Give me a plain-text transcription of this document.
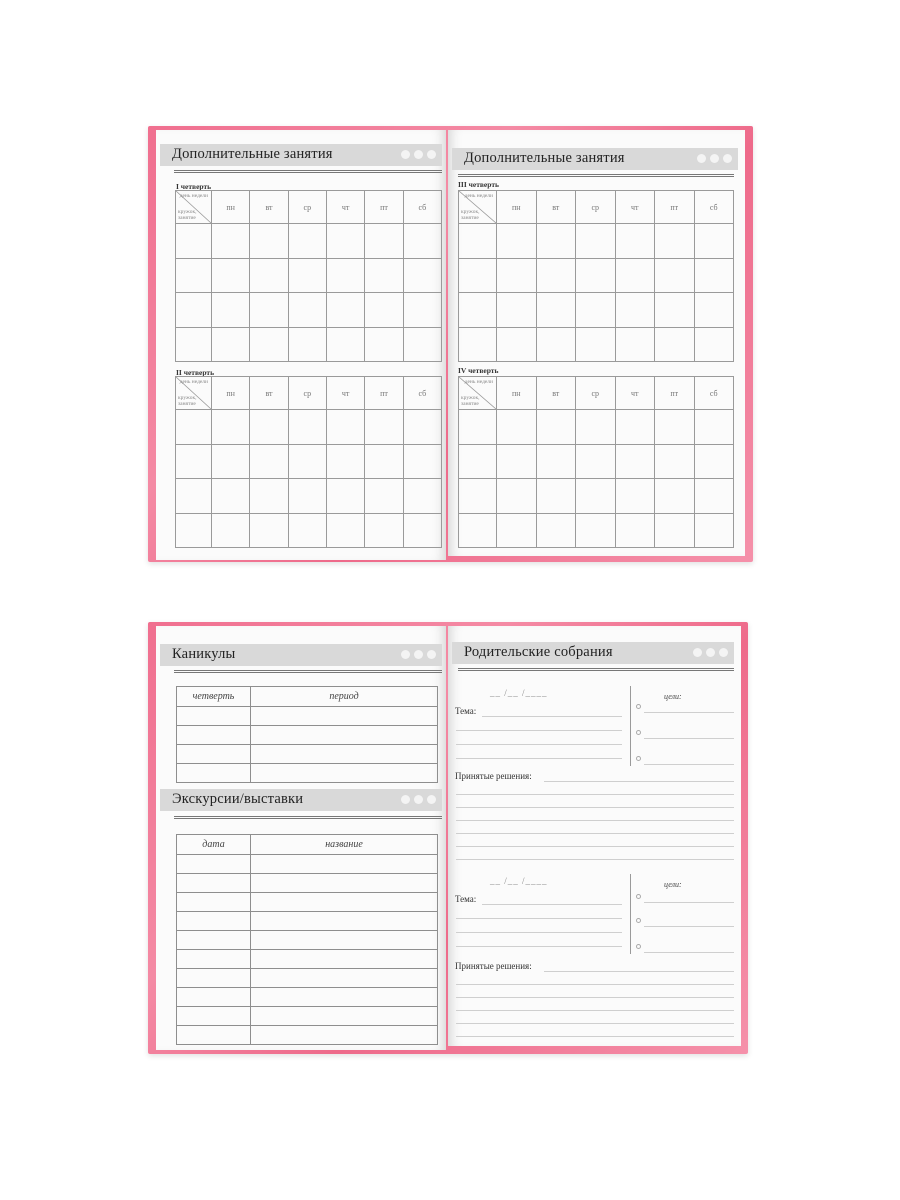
Дополнительные занятия
I четверть
день недели
кружок, занятие	пн	вт	ср	чт	пт	сб

II четверть
день недели
кружок, занятие	пн	вт	ср	чт	пт	сб

Дополнительные занятия
III четверть
день недели
кружок, занятие	пн	вт	ср	чт	пт	сб

IV четверть
день недели
кружок, занятие	пн	вт	ср	чт	пт	сб

Каникулы
четверть	период

Экскурсии/выставки
дата	название

Родительские собрания
__ /__ /____
Тема:
цели:
Принятые решения:
__ /__ /____
Тема:
цели:
Принятые решения:
